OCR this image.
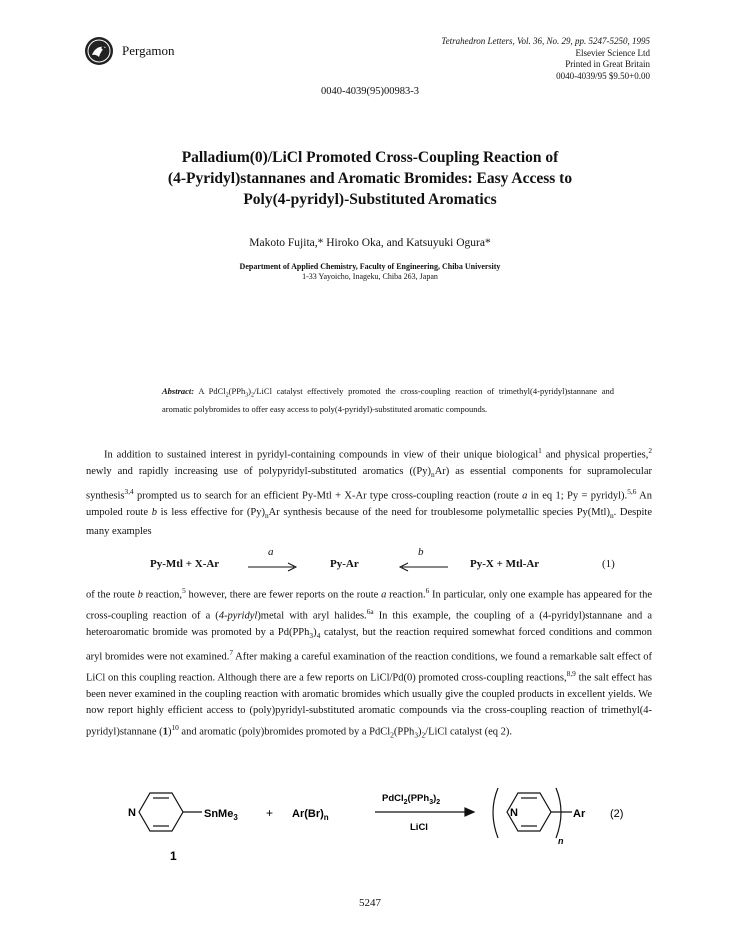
Pergamon
Tetrahedron Letters, Vol. 36, No. 29, pp. 5247-5250, 1995
Elsevier Science Ltd
Printed in Great Britain
0040-4039/95 $9.50+0.00
0040-4039(95)00983-3
Palladium(0)/LiCl Promoted Cross-Coupling Reaction of
(4-Pyridyl)stannanes and Aromatic Bromides: Easy Access to
Poly(4-pyridyl)-Substituted Aromatics
Makoto Fujita,* Hiroko Oka, and Katsuyuki Ogura*
Department of Applied Chemistry, Faculty of Engineering, Chiba University
1-33 Yayoicho, Inageku, Chiba 263, Japan
Abstract: A $PdCl_2(PPh_3)_2$/LiCl catalyst effectively promoted the cross-coupling reaction of trimethyl(4-pyridyl)stannane and aromatic polybromides to offer easy access to poly(4-pyridyl)-substituted aromatic compounds.
In addition to sustained interest in pyridyl-containing compounds in view of their unique biological$^1$ and physical properties,$^2$ newly and rapidly increasing use of polypyridyl-substituted aromatics $((Py)_nAr)$ as essential components for supramolecular synthesis$^{3,4}$ prompted us to search for an efficient Py-Mtl + X-Ar type cross-coupling reaction (route a in eq 1; Py = pyridyl).$^{5,6}$ An umpoled route b is less effective for $(Py)_nAr$ synthesis because of the need for troublesome polymetallic species $Py(Mtl)_n$. Despite many examples
Py-Mtl + X-Ar
a
Py-Ar
b
Py-X + Mtl-Ar	(1)
of the route b reaction,$^5$ however, there are fewer reports on the route a reaction.$^6$ In particular, only one example has appeared for the cross-coupling reaction of a (4-pyridyl)metal with aryl halides.$^{6a}$ In this example, the coupling of a (4-pyridyl)stannane and a heteroaromatic bromide was promoted by a $Pd(PPh_3)_4$ catalyst, but the reaction required somewhat forced conditions and common aryl bromides were not examined.$^7$ After making a careful examination of the reaction conditions, we found a remarkable salt effect of LiCl on this coupling reaction. Although there are a few reports on LiCl/Pd(0) promoted cross-coupling reactions,$^{8,9}$ the salt effect has been never examined in the coupling reaction with aromatic bromides which usually give the coupled products in excellent yields. We now report highly efficient access to (poly)pyridyl-substituted aromatic compounds via the cross-coupling reaction of trimethyl(4-pyridyl)stannane $(1)^{10}$ and aromatic (poly)bromides promoted by a $PdCl_2(PPh_3)_2$/LiCl catalyst (eq 2).
N	SnMe$_3$
1
+ $Ar(Br)_n$
$PdCl_2(PPh_3)_2$
LiCl
N	Ar
n
(2)
5247
